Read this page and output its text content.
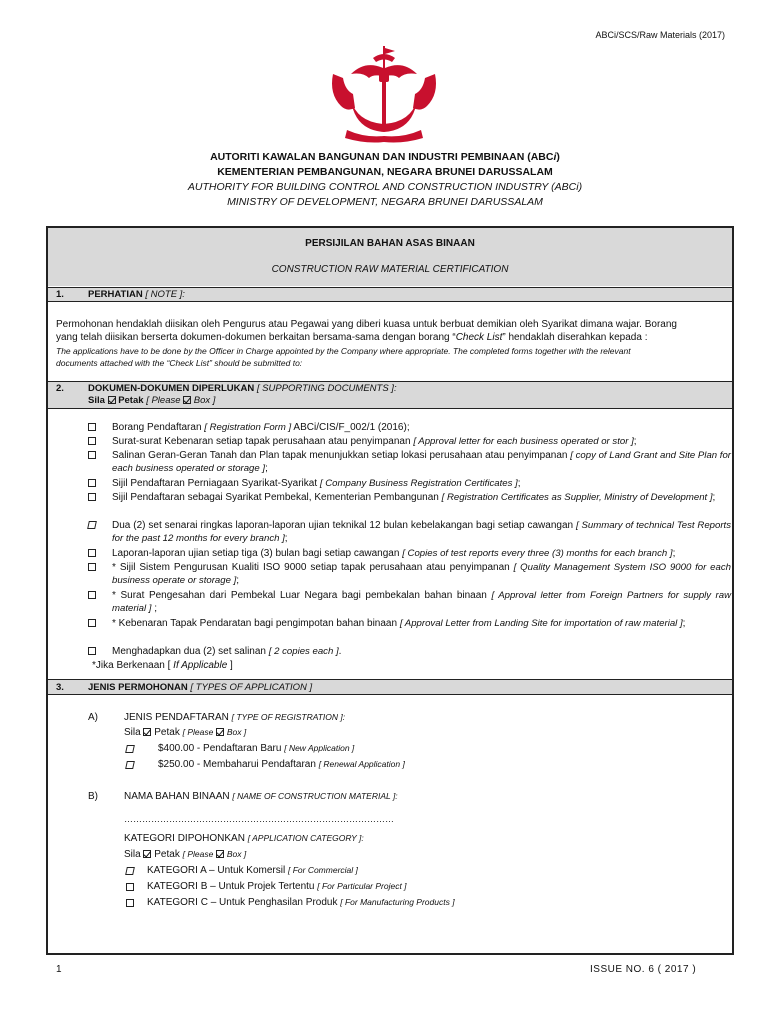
ABCi/SCS/Raw Materials (2017)
AUTORITI KAWALAN BANGUNAN DAN INDUSTRI PEMBINAAN (ABCi)
KEMENTERIAN PEMBANGUNAN, NEGARA BRUNEI DARUSSALAM
AUTHORITY FOR BUILDING CONTROL AND CONSTRUCTION INDUSTRY (ABCi)
MINISTRY OF DEVELOPMENT, NEGARA BRUNEI DARUSSALAM
PERSIJILAN BAHAN ASAS BINAAN
CONSTRUCTION RAW MATERIAL CERTIFICATION
1.	PERHATIAN [ NOTE ]:
Permohonan hendaklah diisikan oleh Pengurus atau Pegawai yang diberi kuasa untuk berbuat demikian oleh Syarikat dimana wajar. Borang
yang telah diisikan berserta dokumen-dokumen berkaitan bersama-sama dengan borang “Check List” hendaklah diserahkan kepada :
The applications have to be done by the Officer in Charge appointed by the Company where appropriate. The completed forms together with the relevant
documents attached with the “Check List” should be submitted to:
2.	DOKUMEN-DOKUMEN DIPERLUKAN [ SUPPORTING DOCUMENTS ]:
Sila Petak [ Please Box ]
Borang Pendaftaran [ Registration Form ] ABCi/CIS/F_002/1 (2016);
Surat-surat Kebenaran setiap tapak perusahaan atau penyimpanan [ Approval letter for each business operated or stor ];
Salinan Geran-Geran Tanah dan Plan tapak menunjukkan setiap lokasi perusahaan atau penyimpanan [ copy of Land Grant and Site Plan for each business operated or storage ];
Sijil Pendaftaran Perniagaan Syarikat-Syarikat [ Company Business Registration Certificates ];
Sijil Pendaftaran sebagai Syarikat Pembekal, Kementerian Pembangunan [ Registration Certificates as Supplier, Ministry of Development ];
Dua (2) set senarai ringkas laporan-laporan ujian teknikal 12 bulan kebelakangan bagi setiap cawangan [ Summary of technical Test Reports for the past 12 months for every branch ];
Laporan-laporan ujian setiap tiga (3) bulan bagi setiap cawangan [ Copies of test reports every three (3) months for each branch ];
* Sijil Sistem Pengurusan Kualiti ISO 9000 setiap tapak perusahaan atau penyimpanan [ Quality Management System ISO 9000 for each business operate or storage ];
* Surat Pengesahan dari Pembekal Luar Negara bagi pembekalan bahan binaan [ Approval letter from Foreign Partners for supply raw material ] ;
* Kebenaran Tapak Pendaratan bagi pengimpotan bahan binaan [ Approval Letter from Landing Site for importation of raw material ];
Menghadapkan dua (2) set salinan [ 2 copies each ].
*Jika Berkenaan [ If Applicable ]
3.	JENIS PERMOHONAN [ TYPES OF APPLICATION ]
A)	JENIS PENDAFTARAN [ TYPE OF REGISTRATION ]:
Sila Petak [ Please Box ]
$400.00 - Pendaftaran Baru [ New Application ]
$250.00 - Membaharui Pendaftaran [ Renewal Application ]
B)	NAMA BAHAN BINAAN [ NAME OF CONSTRUCTION MATERIAL ]:
………………………………………………………………………………
KATEGORI DIPOHONKAN [ APPLICATION CATEGORY ]:
Sila Petak [ Please Box ]
KATEGORI A – Untuk Komersil [ For Commercial ]
KATEGORI B – Untuk Projek Tertentu [ For Particular Project ]
KATEGORI C – Untuk Penghasilan Produk [ For Manufacturing Products ]
1	ISSUE NO. 6 ( 2017 )
